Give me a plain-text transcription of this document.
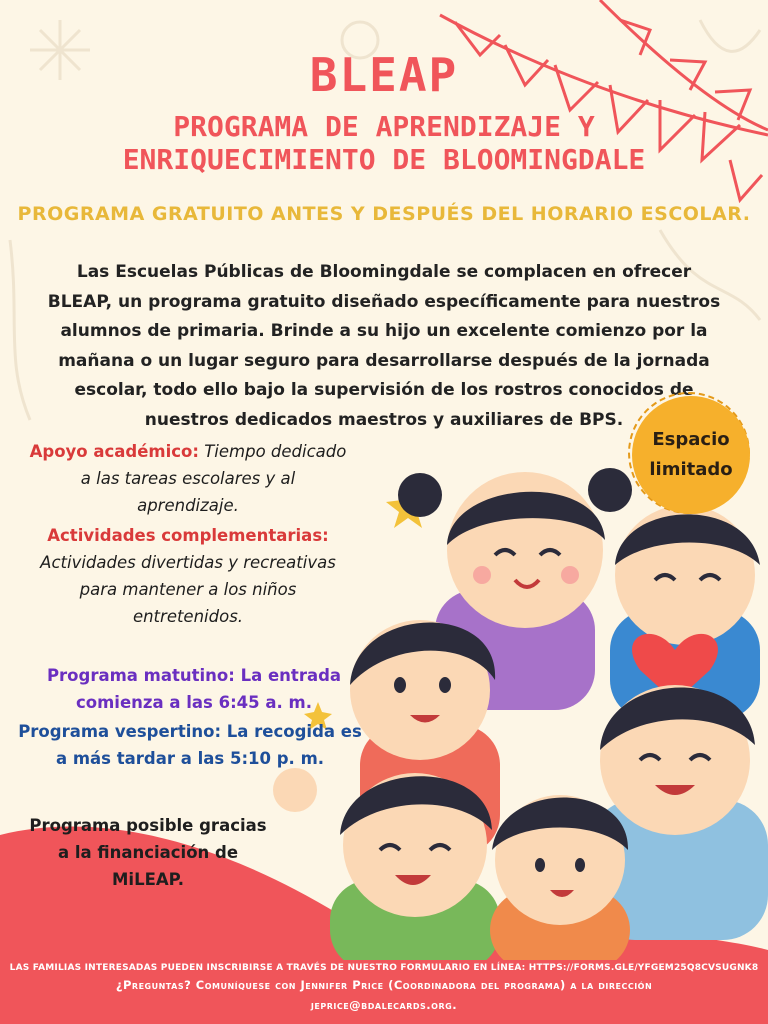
BLEAP
PROGRAMA DE APRENDIZAJE Y
ENRIQUECIMIENTO DE BLOOMINGDALE
PROGRAMA GRATUITO ANTES Y DESPUÉS DEL HORARIO ESCOLAR.
Las Escuelas Públicas de Bloomingdale se complacen en ofrecer
BLEAP, un programa gratuito diseñado específicamente para nuestros
alumnos de primaria. Brinde a su hijo un excelente comienzo por la
mañana o un lugar seguro para desarrollarse después de la jornada
escolar, todo ello bajo la supervisión de los rostros conocidos de
nuestros dedicados maestros y auxiliares de BPS.
Espacio
limitado
Apoyo académico: Tiempo dedicado
a las tareas escolares y al
aprendizaje.
Actividades complementarias:
Actividades divertidas y recreativas
para mantener a los niños
entretenidos.
Programa matutino: La entrada
comienza a las 6:45 a. m.
Programa vespertino: La recogida es
a más tardar a las 5:10 p. m.
Programa posible gracias
a la financiación de
MiLEAP.
LAS FAMILIAS INTERESADAS PUEDEN INSCRIBIRSE A TRAVÉS DE NUESTRO FORMULARIO EN LÍNEA: HTTPS://FORMS.GLE/YFGEM25Q8CVSUGNK8
¿Preguntas? Comuníquese con Jennifer Price (Coordinadora del programa) a la dirección
jeprice@bdalecards.org.
